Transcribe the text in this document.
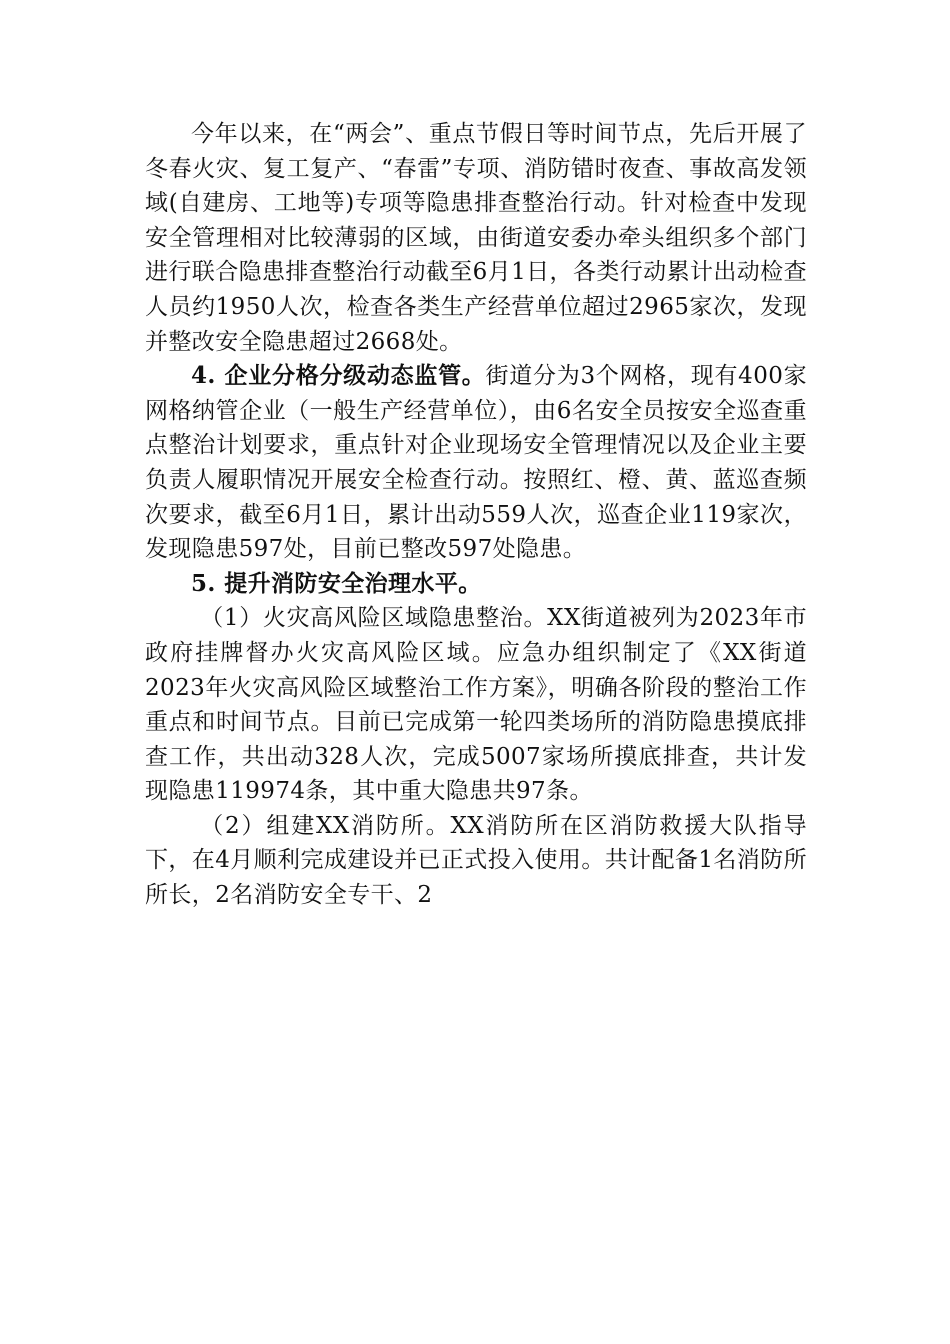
今年以来，在“两会”、重点节假日等时间节点，先后开展了冬春火灾、复工复产、“春雷”专项、消防错时夜查、事故高发领域(自建房、工地等)专项等隐患排查整治行动。针对检查中发现安全管理相对比较薄弱的区域，由街道安委办牵头组织多个部门进行联合隐患排查整治行动截至6月1日，各类行动累计出动检查人员约1950人次，检查各类生产经营单位超过2965家次，发现并整改安全隐患超过2668处。

4. 企业分格分级动态监管。街道分为3个网格，现有400家网格纳管企业（一般生产经营单位），由6名安全员按安全巡查重点整治计划要求，重点针对企业现场安全管理情况以及企业主要负责人履职情况开展安全检查行动。按照红、橙、黄、蓝巡查频次要求，截至6月1日，累计出动559人次，巡查企业119家次，发现隐患597处，目前已整改597处隐患。

5. 提升消防安全治理水平。

（1）火灾高风险区域隐患整治。XX街道被列为2023年市政府挂牌督办火灾高风险区域。应急办组织制定了《XX街道2023年火灾高风险区域整治工作方案》，明确各阶段的整治工作重点和时间节点。目前已完成第一轮四类场所的消防隐患摸底排查工作，共出动328人次，完成5007家场所摸底排查，共计发现隐患119974条，其中重大隐患共97条。

（2）组建XX消防所。XX消防所在区消防救援大队指导下，在4月顺利完成建设并已正式投入使用。共计配备1名消防所所长，2名消防安全专干、2
